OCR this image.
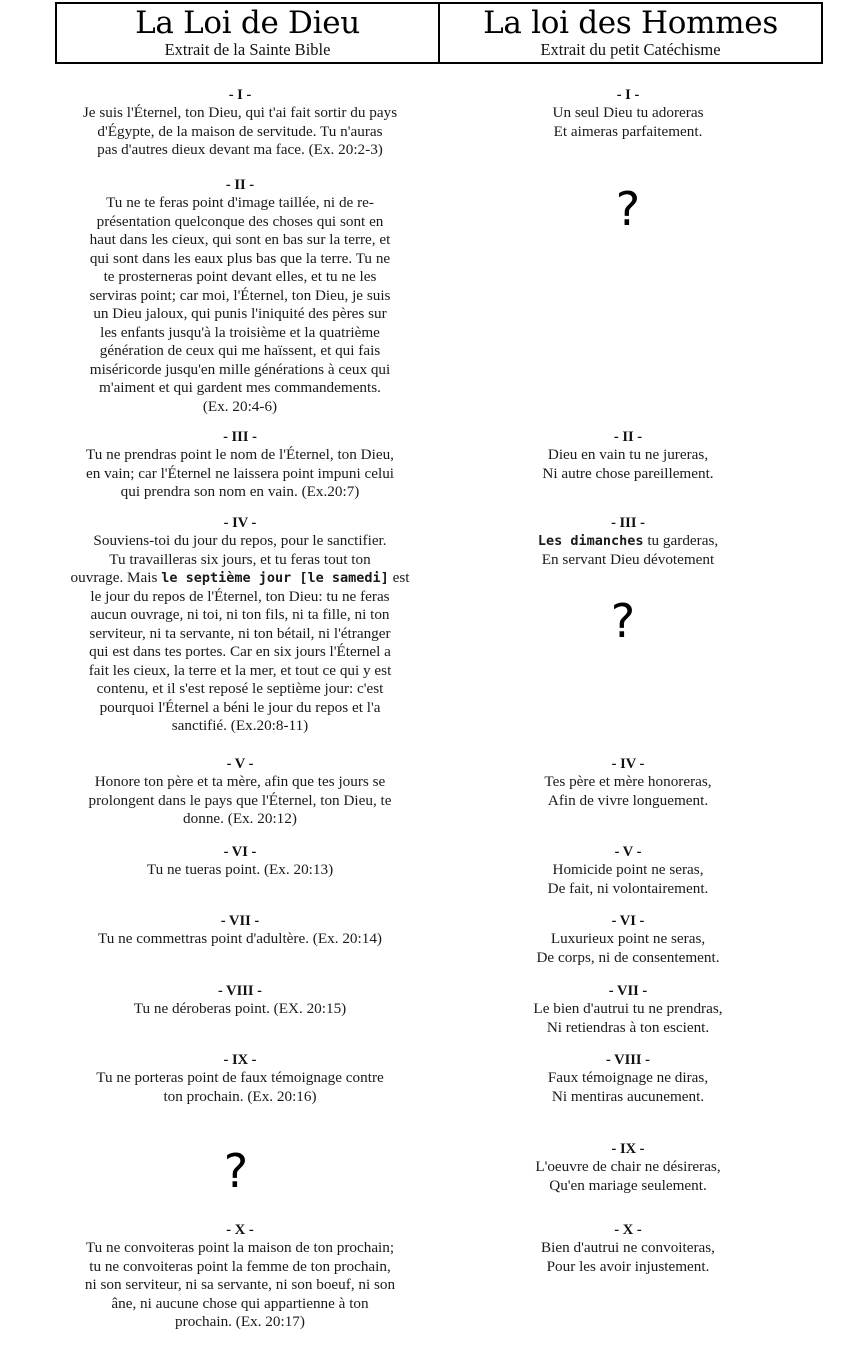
La Loi de Dieu
Extrait de la Sainte Bible
La loi des Hommes
Extrait du petit Catéchisme
- I -
Je suis l'Éternel, ton Dieu, qui t'ai fait sortir du pays
d'Égypte, de la maison de servitude. Tu n'auras
pas d'autres dieux devant ma face. (Ex. 20:2-3)
- II -
Tu ne te feras point d'image taillée, ni de re-
présentation quelconque des choses qui sont en
haut dans les cieux, qui sont en bas sur la terre, et
qui sont dans les eaux plus bas que la terre. Tu ne
te prosterneras point devant elles, et tu ne les
serviras point; car moi, l'Éternel, ton Dieu, je suis
un Dieu jaloux, qui punis l'iniquité des pères sur
les enfants jusqu'à la troisième et la quatrième
génération de ceux qui me haïssent, et qui fais
miséricorde jusqu'en mille générations à ceux qui
m'aiment et qui gardent mes commandements.
(Ex. 20:4-6)
- III -
Tu ne prendras point le nom de l'Éternel, ton Dieu,
en vain; car l'Éternel ne laissera point impuni celui
qui prendra son nom en vain. (Ex.20:7)
- IV -
Souviens-toi du jour du repos, pour le sanctifier.
Tu travailleras six jours, et tu feras tout ton
ouvrage. Mais le septième jour [le samedi] est
le jour du repos de l'Éternel, ton Dieu: tu ne feras
aucun ouvrage, ni toi, ni ton fils, ni ta fille, ni ton
serviteur, ni ta servante, ni ton bétail, ni l'étranger
qui est dans tes portes. Car en six jours l'Éternel a
fait les cieux, la terre et la mer, et tout ce qui y est
contenu, et il s'est reposé le septième jour: c'est
pourquoi l'Éternel a béni le jour du repos et l'a
sanctifié. (Ex.20:8-11)
- V -
Honore ton père et ta mère, afin que tes jours se
prolongent dans le pays que l'Éternel, ton Dieu, te
donne. (Ex. 20:12)
- VI -
Tu ne tueras point. (Ex. 20:13)
- VII -
Tu ne commettras point d'adultère. (Ex. 20:14)
- VIII -
Tu ne déroberas point. (EX. 20:15)
- IX -
Tu ne porteras point de faux témoignage contre
ton prochain. (Ex. 20:16)
?
- X -
Tu ne convoiteras point la maison de ton prochain;
tu ne convoiteras point la femme de ton prochain,
ni son serviteur, ni sa servante, ni son boeuf, ni son
âne, ni aucune chose qui appartienne à ton
prochain. (Ex. 20:17)
- I -
Un seul Dieu tu adoreras
Et aimeras parfaitement.
?
- II -
Dieu en vain tu ne jureras,
Ni autre chose pareillement.
- III -
Les dimanches tu garderas,
En servant Dieu dévotement
?
- IV -
Tes père et mère honoreras,
Afin de vivre longuement.
- V -
Homicide point ne seras,
De fait, ni volontairement.
- VI -
Luxurieux point ne seras,
De corps, ni de consentement.
- VII -
Le bien d'autrui tu ne prendras,
Ni retiendras à ton escient.
- VIII -
Faux témoignage ne diras,
Ni mentiras aucunement.
- IX -
L'oeuvre de chair ne désireras,
Qu'en mariage seulement.
- X -
Bien d'autrui ne convoiteras,
Pour les avoir injustement.
